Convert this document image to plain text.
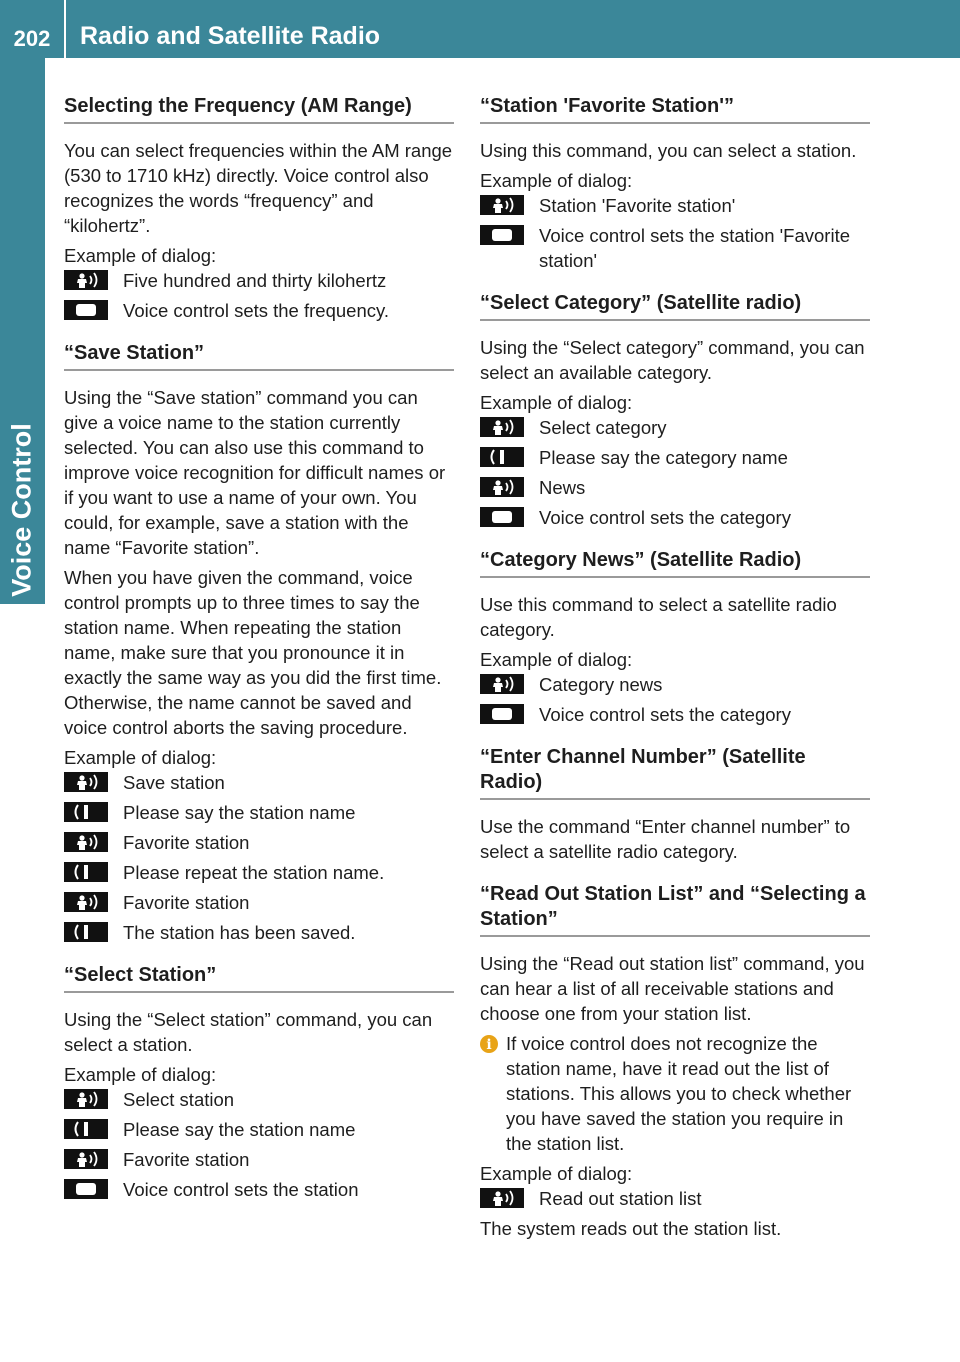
202	Radio and Satellite Radio
Voice Control
Selecting the Frequency (AM Range)

You can select frequencies within the AM range (530 to 1710 kHz) directly. Voice control also recognizes the words “frequency” and “kilohertz”.

Example of dialog:

Five hundred and thirty kilohertz
Voice control sets the frequency.
“Save Station”

Using the “Save station” command you can give a voice name to the station currently selected. You can also use this command to improve voice recognition for difficult names or if you want to use a name of your own. You could, for example, save a station with the name “Favorite station”.

When you have given the command, voice control prompts up to three times to say the station name. When repeating the station name, make sure that you pronounce it in exactly the same way as you did the first time. Otherwise, the name cannot be saved and voice control aborts the saving procedure.

Example of dialog:

Save station
Please say the station name
Favorite station
Please repeat the station name.
Favorite station
The station has been saved.
“Select Station”

Using the “Select station” command, you can select a station.

Example of dialog:

Select station
Please say the station name
Favorite station
Voice control sets the station
“Station 'Favorite Station'”

Using this command, you can select a station.

Example of dialog:

Station 'Favorite station'
Voice control sets the station 'Favorite station'
“Select Category” (Satellite radio)

Using the “Select category” command, you can select an available category.

Example of dialog:

Select category
Please say the category name
News
Voice control sets the category
“Category News” (Satellite Radio)

Use this command to select a satellite radio category.

Example of dialog:

Category news
Voice control sets the category
“Enter Channel Number” (Satellite Radio)

Use the command “Enter channel number” to select a satellite radio category.

“Read Out Station List” and “Selecting a Station”

Using the “Read out station list” command, you can hear a list of all receivable stations and choose one from your station list.

i If voice control does not recognize the station name, have it read out the list of stations. This allows you to check whether you have saved the station you require in the station list.

Example of dialog:

Read out station list

The system reads out the station list.
